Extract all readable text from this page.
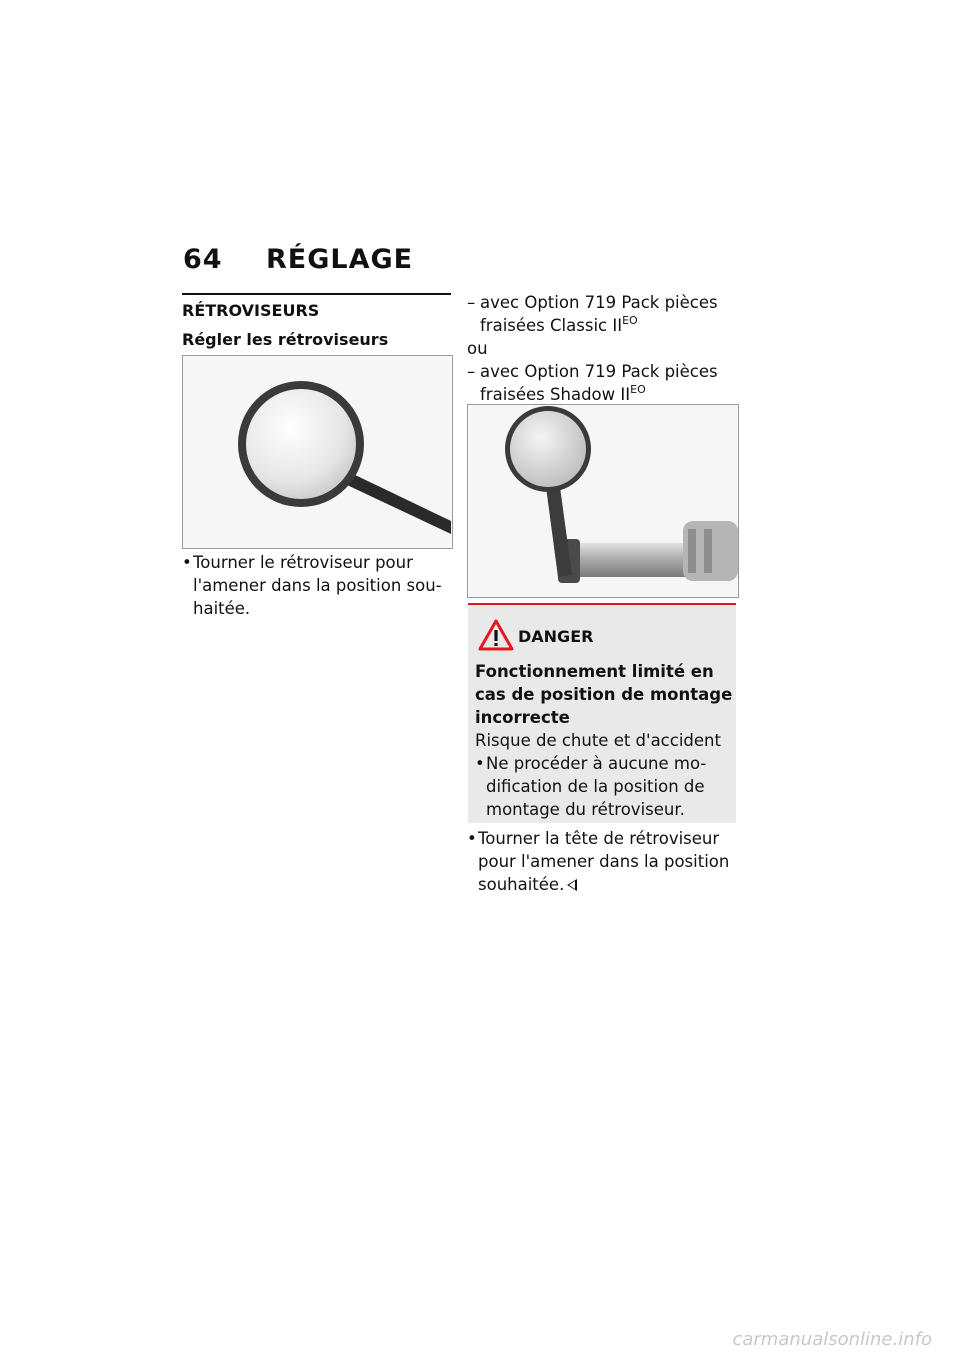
64 RÉGLAGE
RÉTROVISEURS
Régler les rétroviseurs
• Tourner le rétroviseur pour
l'amener dans la position sou-
haitée.
– avec Option 719 Pack pièces
fraisées Classic $II^{EO}$
ou
– avec Option 719 Pack pièces
fraisées Shadow $II^{EO}$
DANGER
Fonctionnement limité en
cas de position de montage
incorrecte
Risque de chute et d'accident
• Ne procéder à aucune mo-
dification de la position de
montage du rétroviseur.
• Tourner la tête de rétroviseur
pour l'amener dans la position
souhaitée.
carmanualsonline.info
